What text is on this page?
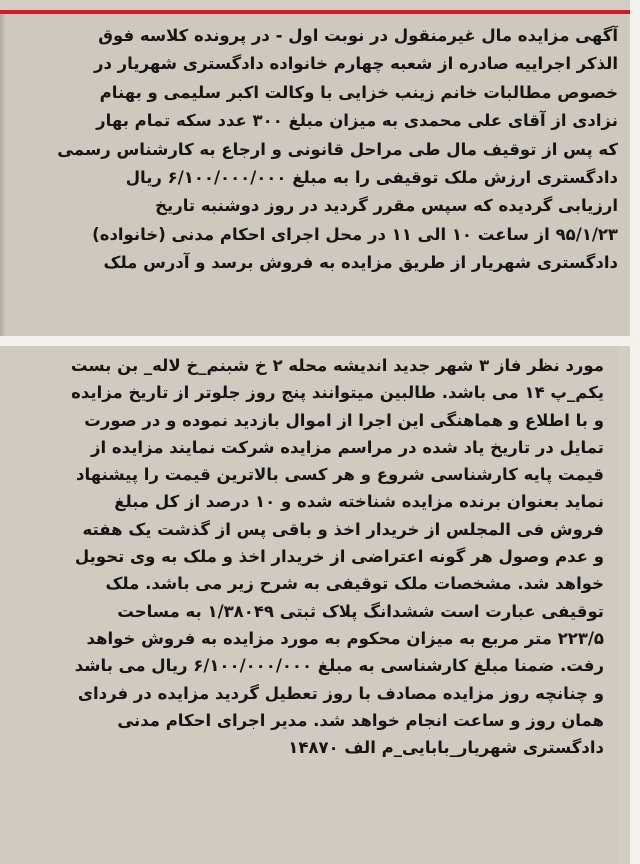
آگهی مزایده مال غیرمنقول در نوبت اول - در پرونده کلاسه فوق
الذکر اجراییه صادره از شعبه چهارم خانواده دادگستری شهریار در
خصوص مطالبات خانم زینب خزایی با وکالت اکبر سلیمی و بهنام
نزادی از آقای علی محمدی به میزان مبلغ ۳۰۰ عدد سکه تمام بهار
که پس از توقیف مال طی مراحل قانونی و ارجاع به کارشناس رسمی
دادگستری ارزش ملک توقیفی را به مبلغ ۶/۱۰۰/۰۰۰/۰۰۰ ریال
ارزیابی گردیده که سپس مقرر گردید در روز دوشنبه تاریخ
۹۵/۱/۲۳ از ساعت ۱۰ الی ۱۱ در محل اجرای احکام مدنی (خانواده)
دادگستری شهریار از طریق مزایده به فروش برسد و آدرس ملک
مورد نظر فاز ۳ شهر جدید اندیشه محله ۲ خ شبنم_خ لاله_ بن بست
یکم_پ ۱۴ می باشد. طالبین میتوانند پنج روز جلوتر از تاریخ مزایده
و با اطلاع و هماهنگی این اجرا از اموال بازدید نموده و در صورت
تمایل در تاریخ یاد شده در مراسم مزایده شرکت نمایند مزایده از
قیمت پایه کارشناسی شروع و هر کسی بالاترین قیمت را پیشنهاد
نماید بعنوان برنده مزایده شناخته شده و ۱۰ درصد از کل مبلغ
فروش فی المجلس از خریدار اخذ و باقی پس از گذشت یک هفته
و عدم وصول هر گونه اعتراضی از خریدار اخذ و ملک به وی تحویل
خواهد شد. مشخصات ملک توقیفی به شرح زیر می باشد. ملک
توقیفی عبارت است ششدانگ پلاک ثبتی ۱/۳۸۰۴۹ به مساحت
۲۲۳/۵ متر مربع به میزان محکوم به مورد مزایده به فروش خواهد
رفت. ضمنا مبلغ کارشناسی به مبلغ ۶/۱۰۰/۰۰۰/۰۰۰ ریال می باشد
و چنانچه روز مزایده مصادف با روز تعطیل گردید مزایده در فردای
همان روز و ساعت انجام خواهد شد. مدیر اجرای احکام مدنی
دادگستری شهریار_بابایی_م الف ۱۴۸۷۰
